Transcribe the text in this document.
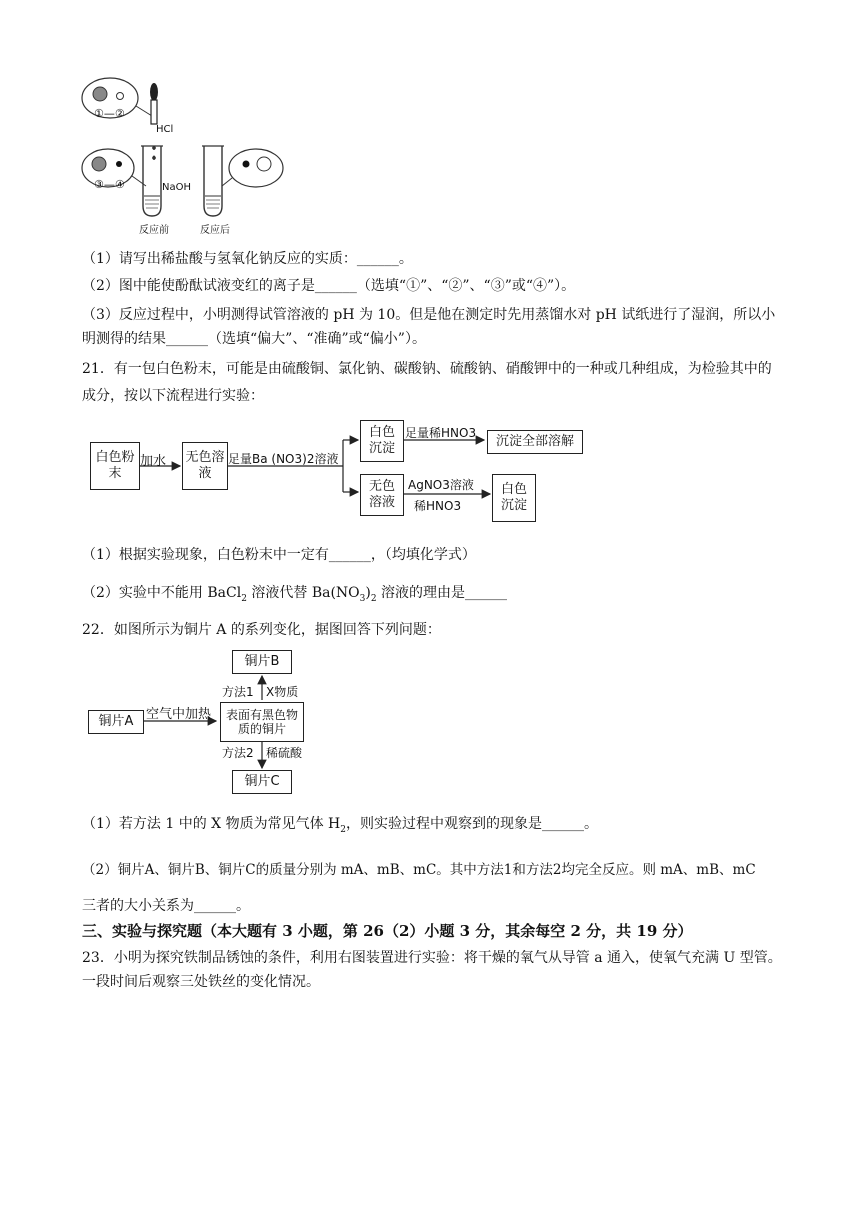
①—②
HCl
③—④	NaOH
反应前	反应后
（1）请写出稀盐酸与氢氧化钠反应的实质：______。
（2）图中能使酚酞试液变红的离子是______（选填“①”、“②”、“③”或“④”）。
（3）反应过程中，小明测得试管溶液的 pH 为 10。但是他在测定时先用蒸馏水对 pH 试纸进行了湿润，所以小明测得的结果______（选填“偏大”、“准确”或“偏小”）。
21．有一包白色粉末，可能是由硫酸铜、氯化钠、碳酸钠、硫酸钠、硝酸钾中的一种或几种组成，为检验其中的成分，按以下流程进行实验：
白色粉末
加水 无色溶液
足量Ba (NO3)2溶液
白色沉淀
足量稀HNO3
沉淀全部溶解
无色溶液
AgNO3溶液
稀HNO3
白色沉淀
（1）根据实验现象，白色粉末中一定有______，（均填化学式）
（2）实验中不能用 BaCl$_2$ 溶液代替 $Ba(NO_3)_2$ 溶液的理由是______
22．如图所示为铜片 A 的系列变化，据图回答下列问题：
铜片B
方法1 X物质
铜片A 空气中加热	表面有黑色物质的铜片
方法2 稀硫酸
铜片C
（1）若方法 1 中的 X 物质为常见气体 $H_2$，则实验过程中观察到的现象是______。
（2）铜片A、铜片B、铜片C的质量分别为 mA、mB、mC。其中方法1和方法2均完全反应。则 mA、mB、mC
三者的大小关系为______。
三、实验与探究题（本大题有 3 小题，第 26（2）小题 3 分，其余每空 2 分，共 19 分）
23．小明为探究铁制品锈蚀的条件，利用右图装置进行实验：将干燥的氧气从导管 a 通入，使氧气充满 U 型管。一段时间后观察三处铁丝的变化情况。
